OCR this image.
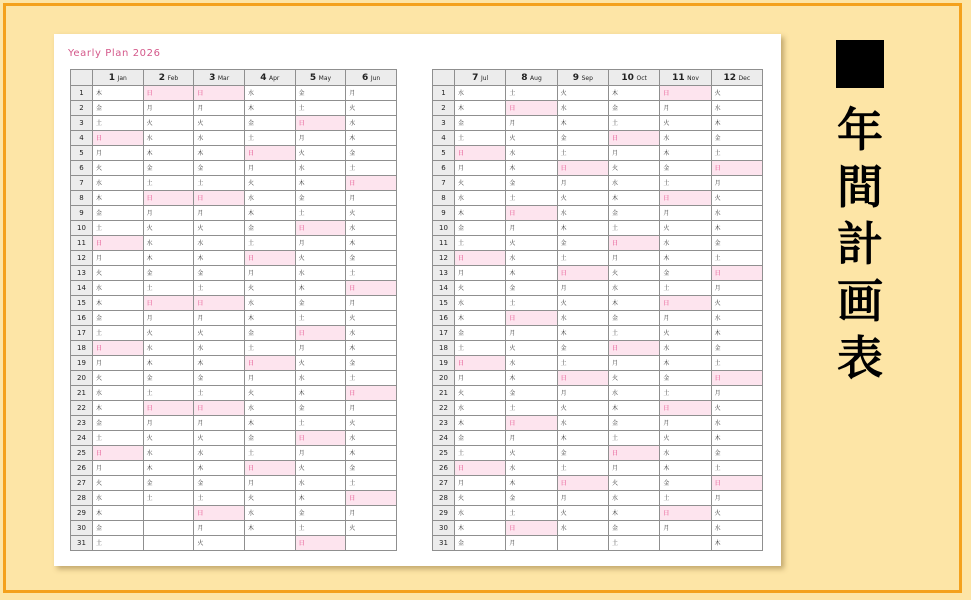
Yearly Plan 2026
	1 Jan	2 Feb	3 Mar	4 Apr	5 May	6 Jun
1	木	日	日	水	金	月
2	金	月	月	木	土	火
3	土	火	火	金	日	水
4	日	水	水	土	月	木
5	月	木	木	日	火	金
6	火	金	金	月	水	土
7	水	土	土	火	木	日
8	木	日	日	水	金	月
9	金	月	月	木	土	火
10	土	火	火	金	日	水
11	日	水	水	土	月	木
12	月	木	木	日	火	金
13	火	金	金	月	水	土
14	水	土	土	火	木	日
15	木	日	日	水	金	月
16	金	月	月	木	土	火
17	土	火	火	金	日	水
18	日	水	水	土	月	木
19	月	木	木	日	火	金
20	火	金	金	月	水	土
21	水	土	土	火	木	日
22	木	日	日	水	金	月
23	金	月	月	木	土	火
24	土	火	火	金	日	水
25	日	水	水	土	月	木
26	月	木	木	日	火	金
27	火	金	金	月	水	土
28	水	土	土	火	木	日
29	木		日	水	金	月
30	金		月	木	土	火
31	土		火		日	
	7 Jul	8 Aug	9 Sep	10 Oct	11 Nov	12 Dec
1	水	土	火	木	日	火
2	木	日	水	金	月	水
3	金	月	木	土	火	木
4	土	火	金	日	水	金
5	日	水	土	月	木	土
6	月	木	日	火	金	日
7	火	金	月	水	土	月
8	水	土	火	木	日	火
9	木	日	水	金	月	水
10	金	月	木	土	火	木
11	土	火	金	日	水	金
12	日	水	土	月	木	土
13	月	木	日	火	金	日
14	火	金	月	水	土	月
15	水	土	火	木	日	火
16	木	日	水	金	月	水
17	金	月	木	土	火	木
18	土	火	金	日	水	金
19	日	水	土	月	木	土
20	月	木	日	火	金	日
21	火	金	月	水	土	月
22	水	土	火	木	日	火
23	木	日	水	金	月	水
24	金	月	木	土	火	木
25	土	火	金	日	水	金
26	日	水	土	月	木	土
27	月	木	日	火	金	日
28	火	金	月	水	土	月
29	水	土	火	木	日	火
30	木	日	水	金	月	水
31	金	月		土		木
年
間
計
画
表
